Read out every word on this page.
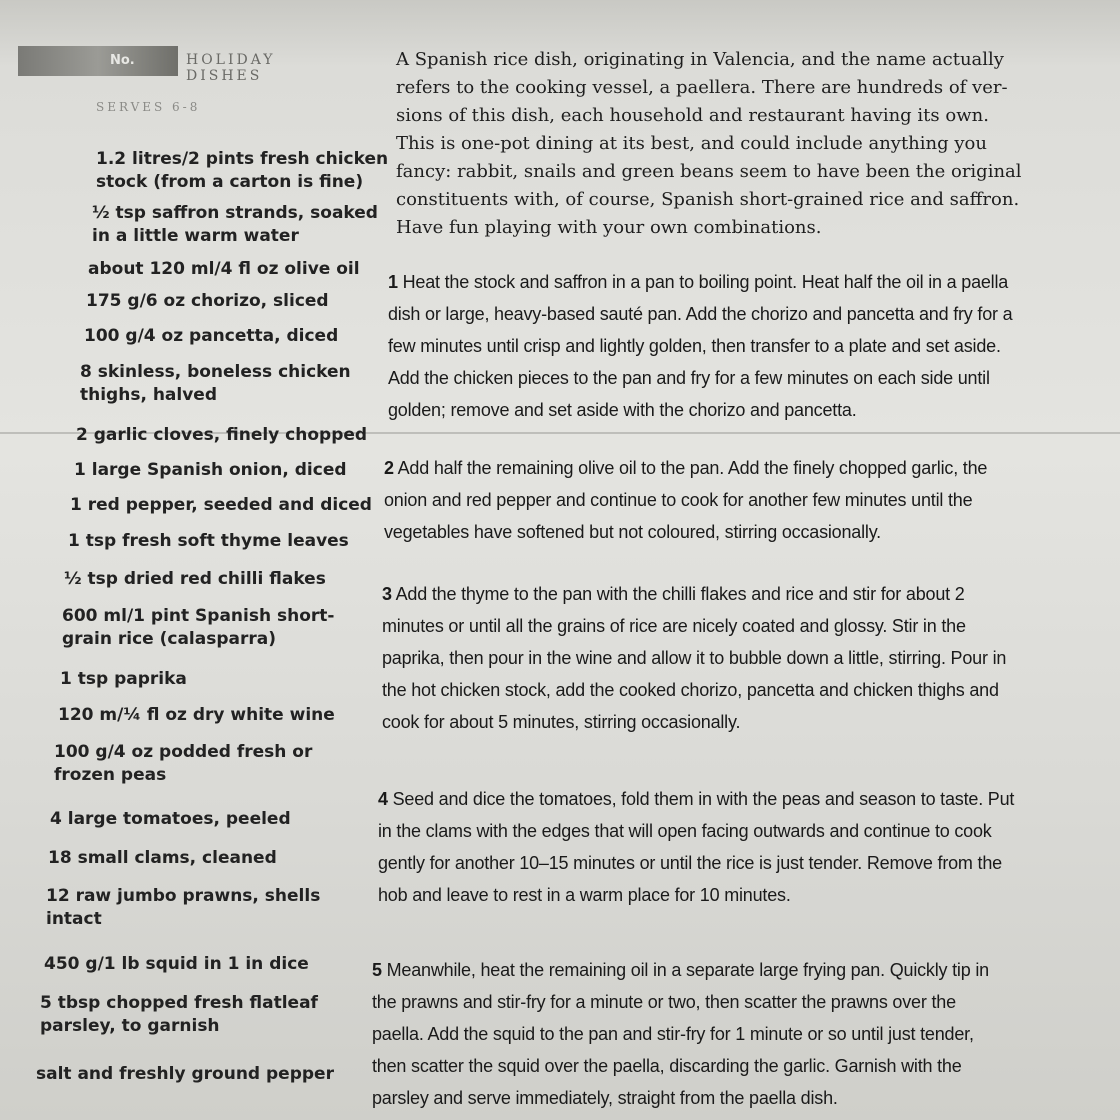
No.	HOLIDAY DISHES
SERVES 6-8
1.2 litres/2 pints fresh chicken
stock (from a carton is fine)
½ tsp saffron strands, soaked
in a little warm water
about 120 ml/4 fl oz olive oil
175 g/6 oz chorizo, sliced
100 g/4 oz pancetta, diced
8 skinless, boneless chicken
thighs, halved
2 garlic cloves, finely chopped
1 large Spanish onion, diced
1 red pepper, seeded and diced
1 tsp fresh soft thyme leaves
½ tsp dried red chilli flakes
600 ml/1 pint Spanish short-
grain rice (calasparra)
1 tsp paprika
120 m/¼ fl oz dry white wine
100 g/4 oz podded fresh or
frozen peas
4 large tomatoes, peeled
18 small clams, cleaned
12 raw jumbo prawns, shells
intact
450 g/1 lb squid in 1 in dice
5 tbsp chopped fresh flatleaf
parsley, to garnish
salt and freshly ground pepper

A Spanish rice dish, originating in Valencia, and the name actually

refers to the cooking vessel, a paellera. There are hundreds of ver-

sions of this dish, each household and restaurant having its own.

This is one-pot dining at its best, and could include anything you

fancy: rabbit, snails and green beans seem to have been the original

constituents with, of course, Spanish short-grained rice and saffron.

Have fun playing with your own combinations.

1 Heat the stock and saffron in a pan to boiling point. Heat half the oil in a paella

dish or large, heavy-based sauté pan. Add the chorizo and pancetta and fry for a

few minutes until crisp and lightly golden, then transfer to a plate and set aside.

Add the chicken pieces to the pan and fry for a few minutes on each side until

golden; remove and set aside with the chorizo and pancetta.

2 Add half the remaining olive oil to the pan. Add the finely chopped garlic, the

onion and red pepper and continue to cook for another few minutes until the

vegetables have softened but not coloured, stirring occasionally.

3 Add the thyme to the pan with the chilli flakes and rice and stir for about 2

minutes or until all the grains of rice are nicely coated and glossy. Stir in the

paprika, then pour in the wine and allow it to bubble down a little, stirring. Pour in

the hot chicken stock, add the cooked chorizo, pancetta and chicken thighs and

cook for about 5 minutes, stirring occasionally.

4 Seed and dice the tomatoes, fold them in with the peas and season to taste. Put

in the clams with the edges that will open facing outwards and continue to cook

gently for another 10–15 minutes or until the rice is just tender. Remove from the

hob and leave to rest in a warm place for 10 minutes.

5 Meanwhile, heat the remaining oil in a separate large frying pan. Quickly tip in

the prawns and stir-fry for a minute or two, then scatter the prawns over the

paella. Add the squid to the pan and stir-fry for 1 minute or so until just tender,

then scatter the squid over the paella, discarding the garlic. Garnish with the

parsley and serve immediately, straight from the paella dish.
